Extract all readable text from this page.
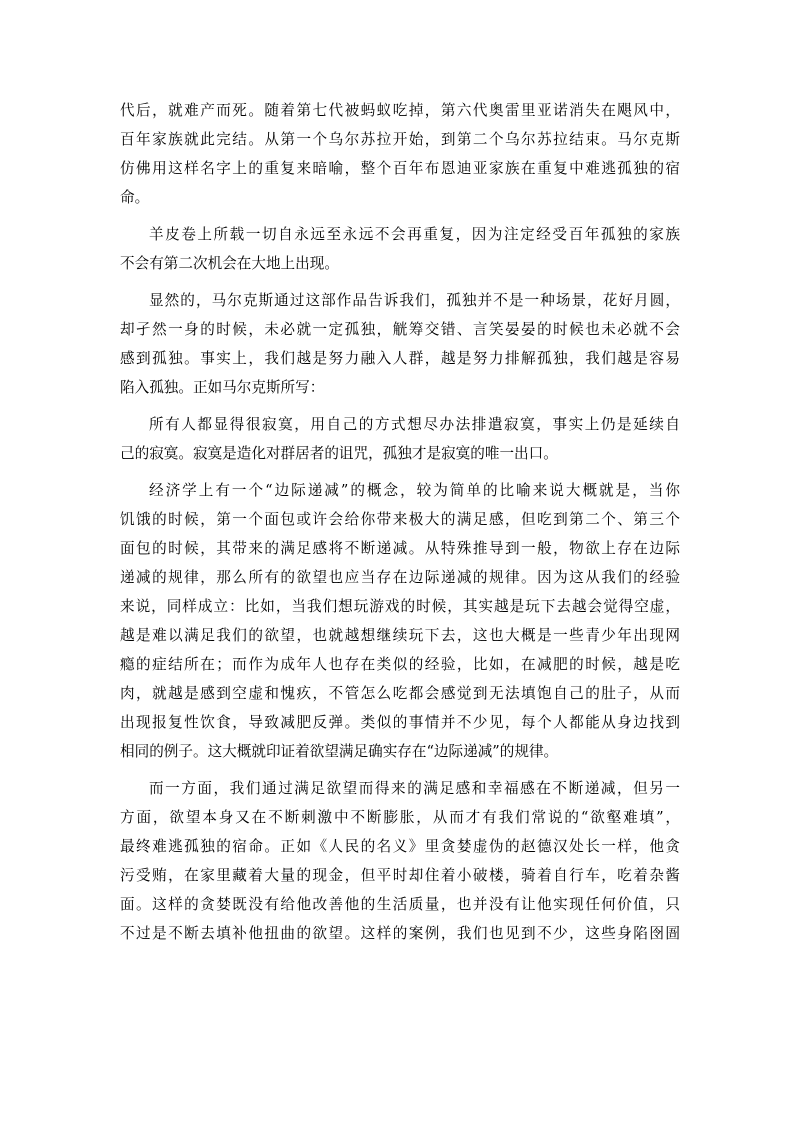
代后，就难产而死。随着第七代被蚂蚁吃掉，第六代奥雷里亚诺消失在飓风中，
百年家族就此完结。从第一个乌尔苏拉开始，到第二个乌尔苏拉结束。马尔克斯
仿佛用这样名字上的重复来暗喻，整个百年布恩迪亚家族在重复中难逃孤独的宿
命。
羊皮卷上所载一切自永远至永远不会再重复，因为注定经受百年孤独的家族
不会有第二次机会在大地上出现。
显然的，马尔克斯通过这部作品告诉我们，孤独并不是一种场景，花好月圆，
却孑然一身的时候，未必就一定孤独，觥筹交错、言笑晏晏的时候也未必就不会
感到孤独。事实上，我们越是努力融入人群，越是努力排解孤独，我们越是容易
陷入孤独。正如马尔克斯所写：
所有人都显得很寂寞，用自己的方式想尽办法排遣寂寞，事实上仍是延续自
己的寂寞。寂寞是造化对群居者的诅咒，孤独才是寂寞的唯一出口。
经济学上有一个“边际递减”的概念，较为简单的比喻来说大概就是，当你
饥饿的时候，第一个面包或许会给你带来极大的满足感，但吃到第二个、第三个
面包的时候，其带来的满足感将不断递减。从特殊推导到一般，物欲上存在边际
递减的规律，那么所有的欲望也应当存在边际递减的规律。因为这从我们的经验
来说，同样成立：比如，当我们想玩游戏的时候，其实越是玩下去越会觉得空虚，
越是难以满足我们的欲望，也就越想继续玩下去，这也大概是一些青少年出现网
瘾的症结所在；而作为成年人也存在类似的经验，比如，在减肥的时候，越是吃
肉，就越是感到空虚和愧疚，不管怎么吃都会感觉到无法填饱自己的肚子，从而
出现报复性饮食，导致减肥反弹。类似的事情并不少见，每个人都能从身边找到
相同的例子。这大概就印证着欲望满足确实存在“边际递减”的规律。
而一方面，我们通过满足欲望而得来的满足感和幸福感在不断递减，但另一
方面，欲望本身又在不断刺激中不断膨胀，从而才有我们常说的“欲壑难填”，
最终难逃孤独的宿命。正如《人民的名义》里贪婪虚伪的赵德汉处长一样，他贪
污受贿，在家里藏着大量的现金，但平时却住着小破楼，骑着自行车，吃着杂酱
面。这样的贪婪既没有给他改善他的生活质量，也并没有让他实现任何价值，只
不过是不断去填补他扭曲的欲望。这样的案例，我们也见到不少，这些身陷囹圄
